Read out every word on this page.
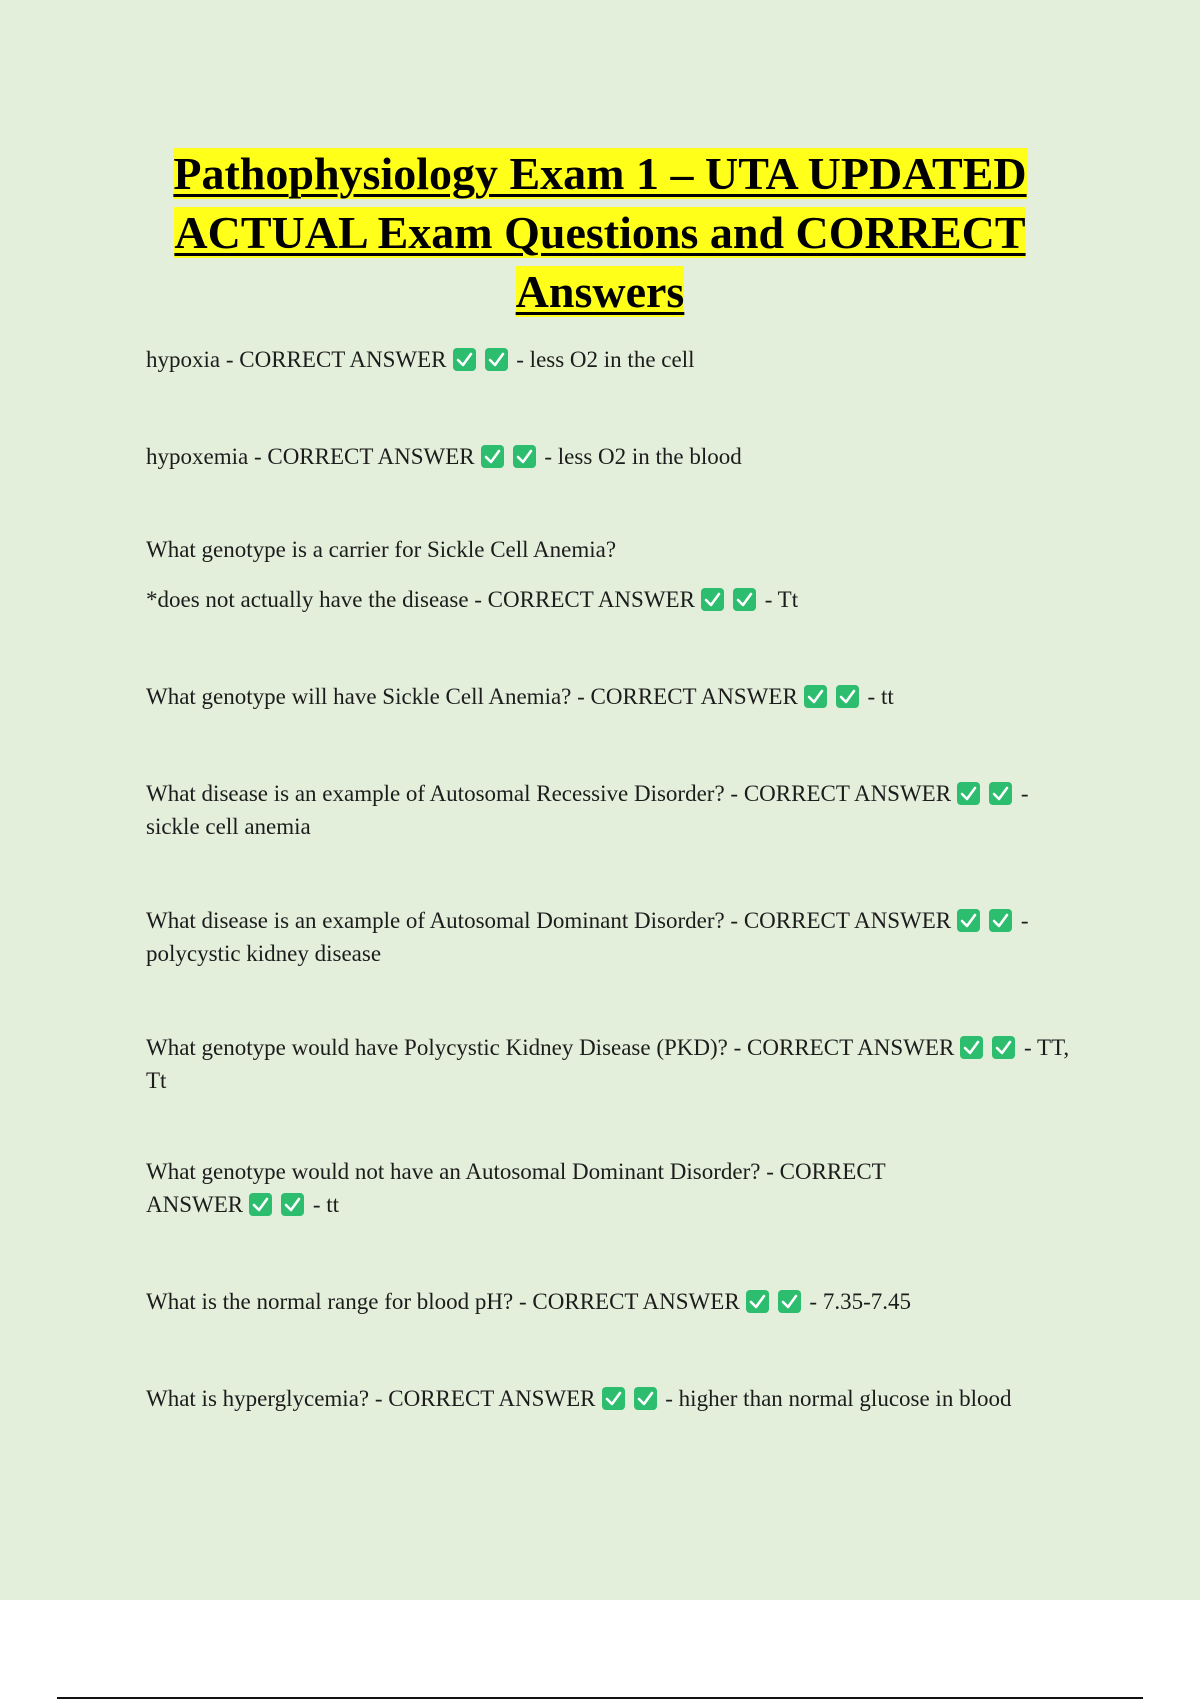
Pathophysiology Exam 1 – UTA UPDATED ACTUAL Exam Questions and CORRECT Answers

hypoxia - CORRECT ANSWER	- less O2 in the cell

hypoxemia - CORRECT ANSWER	- less O2 in the blood

What genotype is a carrier for Sickle Cell Anemia?

*does not actually have the disease - CORRECT ANSWER	- Tt

What genotype will have Sickle Cell Anemia? - CORRECT ANSWER	- tt

What disease is an example of Autosomal Recessive Disorder? - CORRECT ANSWER	- sickle cell anemia

What disease is an example of Autosomal Dominant Disorder? - CORRECT ANSWER	- polycystic kidney disease

What genotype would have Polycystic Kidney Disease (PKD)? - CORRECT ANSWER	- TT, Tt

What genotype would not have an Autosomal Dominant Disorder? - CORRECT ANSWER	- tt

What is the normal range for blood pH? - CORRECT ANSWER	- 7.35-7.45

What is hyperglycemia? - CORRECT ANSWER	- higher than normal glucose in blood
